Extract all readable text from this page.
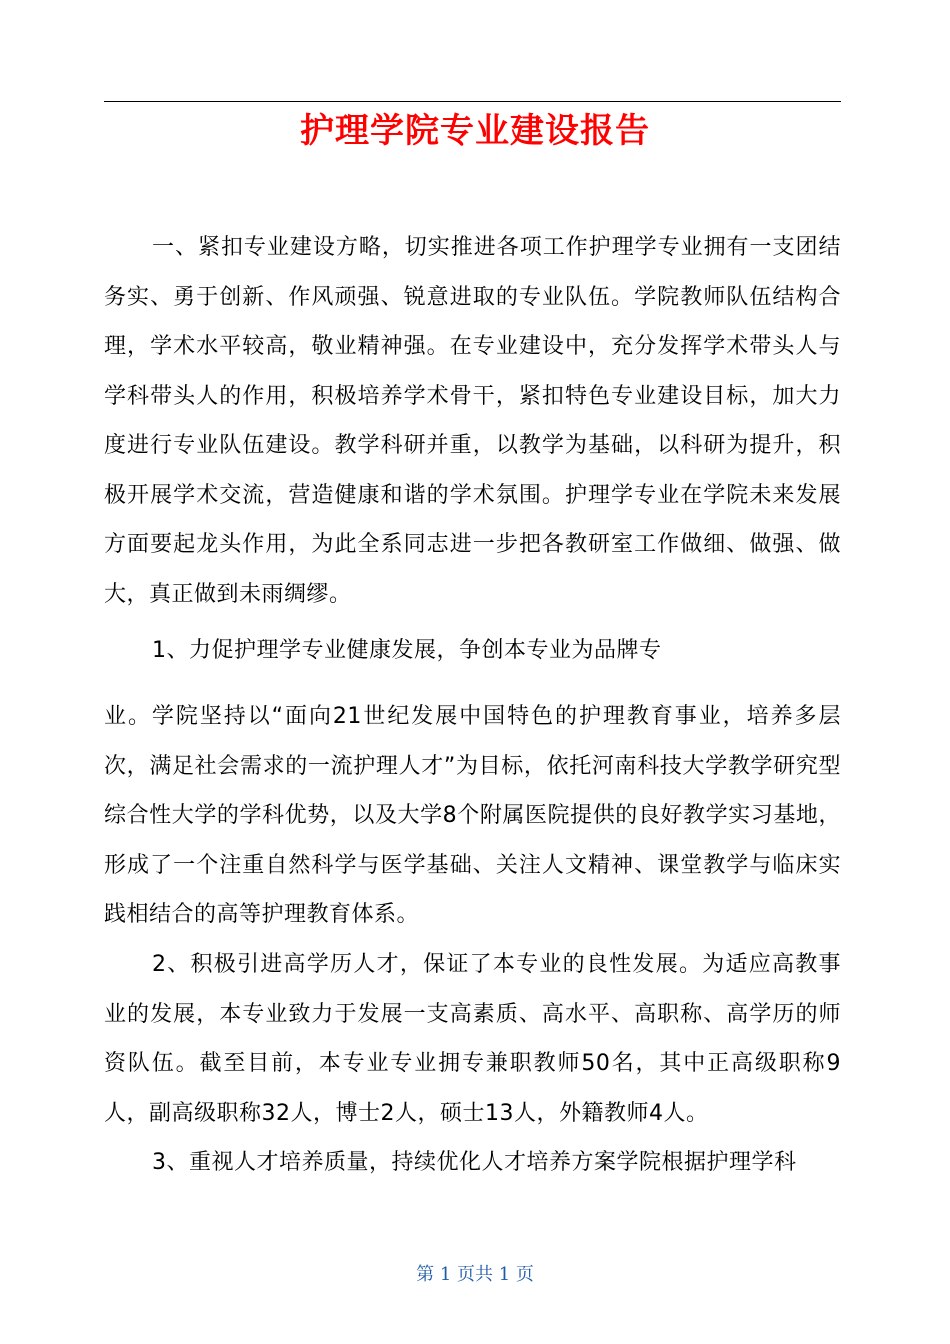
护理学院专业建设报告

一、紧扣专业建设方略，切实推进各项工作护理学专业拥有一支团结务实、勇于创新、作风顽强、锐意进取的专业队伍。学院教师队伍结构合理，学术水平较高，敬业精神强。在专业建设中，充分发挥学术带头人与学科带头人的作用，积极培养学术骨干，紧扣特色专业建设目标，加大力度进行专业队伍建设。教学科研并重，以教学为基础，以科研为提升，积极开展学术交流，营造健康和谐的学术氛围。护理学专业在学院未来发展方面要起龙头作用，为此全系同志进一步把各教研室工作做细、做强、做大，真正做到未雨绸缪。

1、力促护理学专业健康发展，争创本专业为品牌专

业。学院坚持以“面向21世纪发展中国特色的护理教育事业，培养多层次，满足社会需求的一流护理人才”为目标，依托河南科技大学教学研究型综合性大学的学科优势，以及大学8个附属医院提供的良好教学实习基地，形成了一个注重自然科学与医学基础、关注人文精神、课堂教学与临床实践相结合的高等护理教育体系。

2、积极引进高学历人才，保证了本专业的良性发展。为适应高教事业的发展，本专业致力于发展一支高素质、高水平、高职称、高学历的师资队伍。截至目前，本专业专业拥专兼职教师50名，其中正高级职称9人，副高级职称32人，博士2人，硕士13人，外籍教师4人。

3、重视人才培养质量，持续优化人才培养方案学院根据护理学科

第 1 页共 1 页
